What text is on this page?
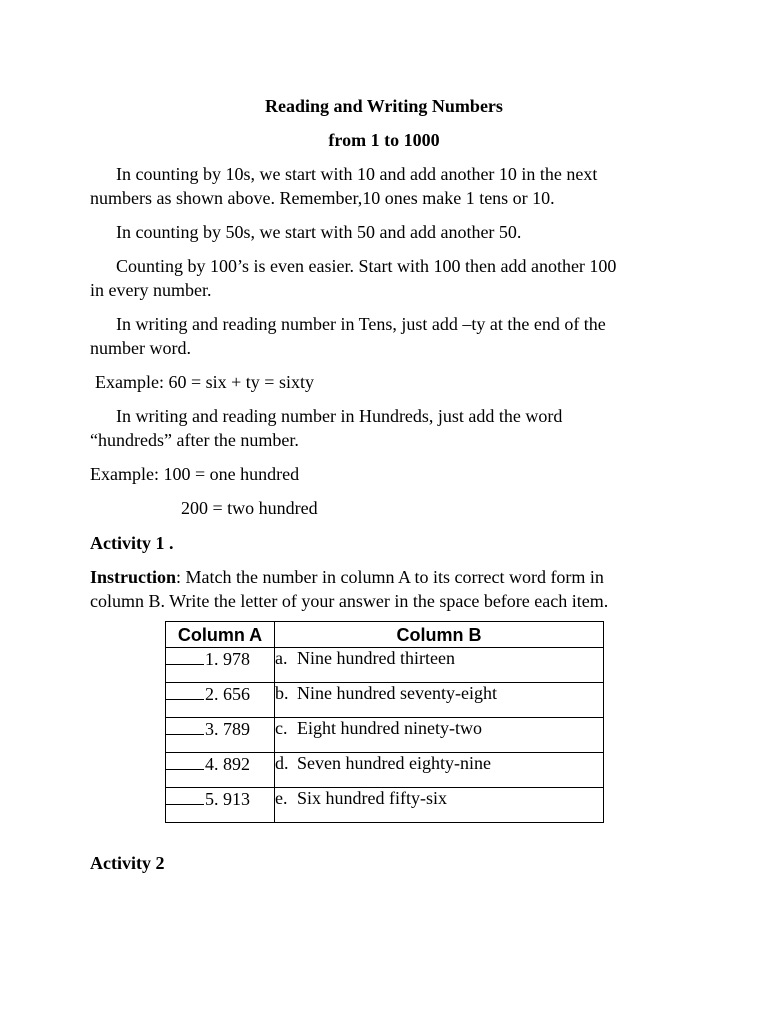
Reading and Writing Numbers
from 1 to 1000
In counting by 10s, we start with 10 and add another 10 in the next
numbers as shown above. Remember,10 ones make 1 tens or 10.
In counting by 50s, we start with 50 and add another 50.
Counting by 100’s is even easier. Start with 100 then add another 100
in every number.
In writing and reading number in Tens, just add –ty at the end of the
number word.
Example: 60 = six + ty = sixty
In writing and reading number in Hundreds, just add the word
“hundreds” after the number.
Example: 100 = one hundred
200 = two hundred
Activity 1 .
Instruction: Match the number in column A to its correct word form in
column B. Write the letter of your answer in the space before each item.
Column A	Column B
1. 978	a. Nine hundred thirteen
2. 656	b. Nine hundred seventy-eight
3. 789	c. Eight hundred ninety-two
4. 892	d. Seven hundred eighty-nine
5. 913	e. Six hundred fifty-six
Activity 2
